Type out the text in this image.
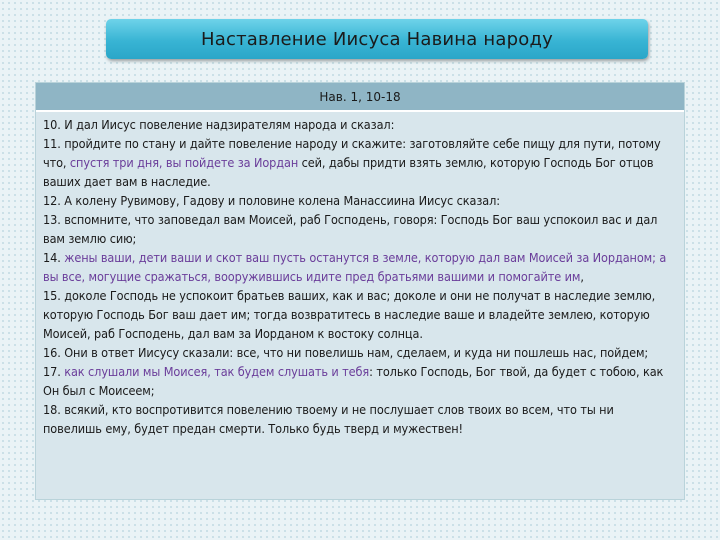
Наставление Иисуса Навина народу
Нав. 1, 10-18

10. И дал Иисус повеление надзирателям народа и сказал:

11. пройдите по стану и дайте повеление народу и скажите: заготовляйте себе пищу для пути, потому что, спустя три дня, вы пойдете за Иордан сей, дабы придти взять землю, которую Господь Бог отцов ваших дает вам в наследие.

12. А колену Рувимову, Гадову и половине колена Манассиина Иисус сказал:

13. вспомните, что заповедал вам Моисей, раб Господень, говоря: Господь Бог ваш успокоил вас и дал вам землю сию;

14. жены ваши, дети ваши и скот ваш пусть останутся в земле, которую дал вам Моисей за Иорданом; а вы все, могущие сражаться, вооружившись идите пред братьями вашими и помогайте им,

15. доколе Господь не успокоит братьев ваших, как и вас; доколе и они не получат в наследие землю, которую Господь Бог ваш дает им; тогда возвратитесь в наследие ваше и владейте землею, которую Моисей, раб Господень, дал вам за Иорданом к востоку солнца.

16. Они в ответ Иисусу сказали: все, что ни повелишь нам, сделаем, и куда ни пошлешь нас, пойдем;

17. как слушали мы Моисея, так будем слушать и тебя: только Господь, Бог твой, да будет с тобою, как Он был с Моисеем;

18. всякий, кто воспротивится повелению твоему и не послушает слов твоих во всем, что ты ни повелишь ему, будет предан смерти. Только будь тверд и мужествен!
